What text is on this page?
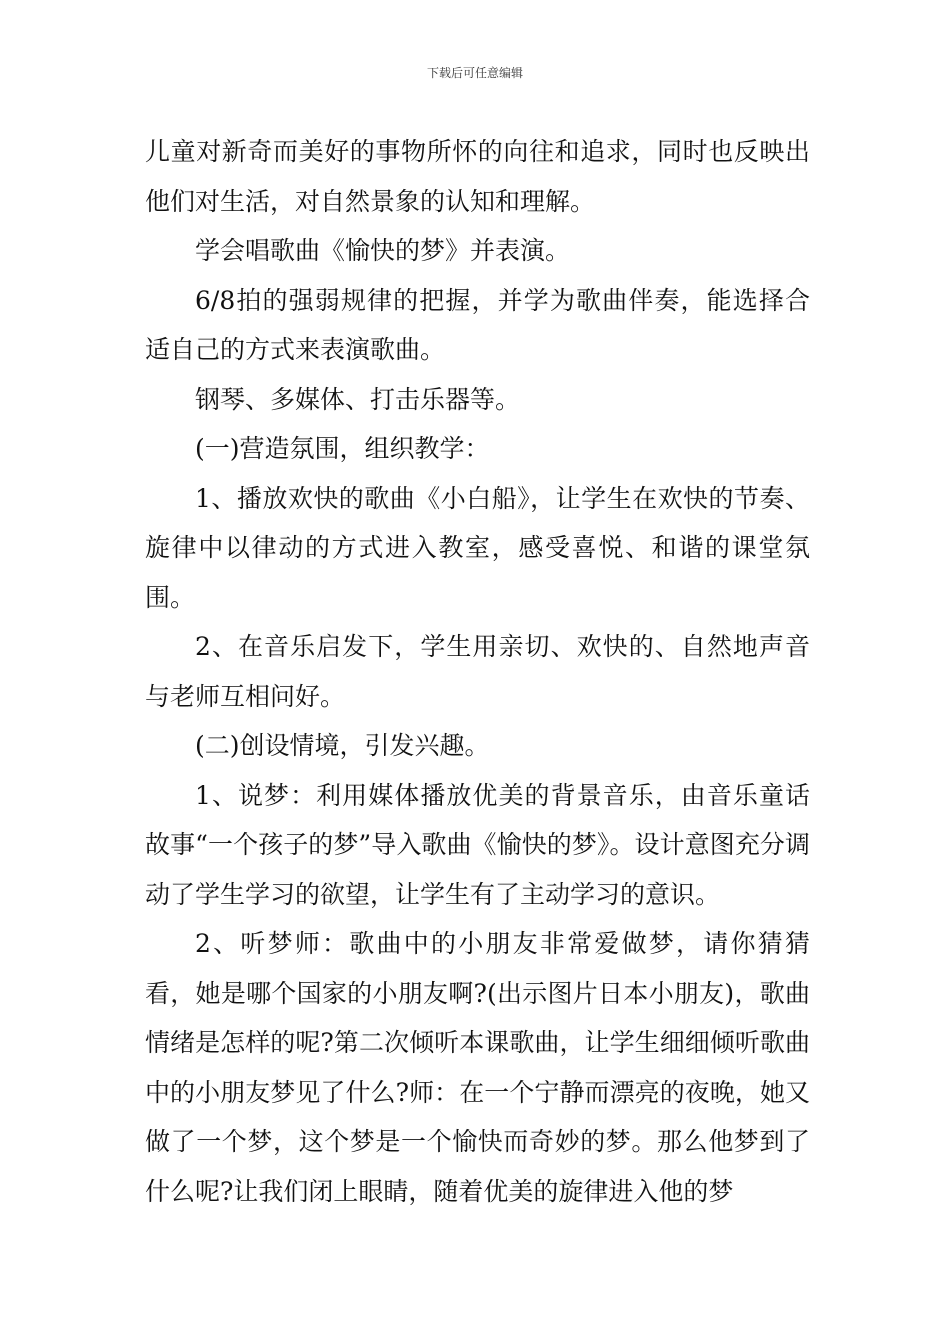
下载后可任意编辑

儿童对新奇而美好的事物所怀的向往和追求，同时也反映出他们对生活，对自然景象的认知和理解。

学会唱歌曲《愉快的梦》并表演。

6/8拍的强弱规律的把握，并学为歌曲伴奏，能选择合适自己的方式来表演歌曲。

钢琴、多媒体、打击乐器等。

(一)营造氛围，组织教学：

1、播放欢快的歌曲《小白船》，让学生在欢快的节奏、旋律中以律动的方式进入教室，感受喜悦、和谐的课堂氛围。

2、在音乐启发下，学生用亲切、欢快的、自然地声音与老师互相问好。

(二)创设情境，引发兴趣。

1、说梦：利用媒体播放优美的背景音乐，由音乐童话故事“一个孩子的梦”导入歌曲《愉快的梦》。设计意图充分调动了学生学习的欲望，让学生有了主动学习的意识。

2、听梦师：歌曲中的小朋友非常爱做梦，请你猜猜看，她是哪个国家的小朋友啊?(出示图片日本小朋友)，歌曲情绪是怎样的呢?第二次倾听本课歌曲，让学生细细倾听歌曲中的小朋友梦见了什么?师：在一个宁静而漂亮的夜晚，她又做了一个梦，这个梦是一个愉快而奇妙的梦。那么他梦到了什么呢?让我们闭上眼睛，随着优美的旋律进入他的梦
